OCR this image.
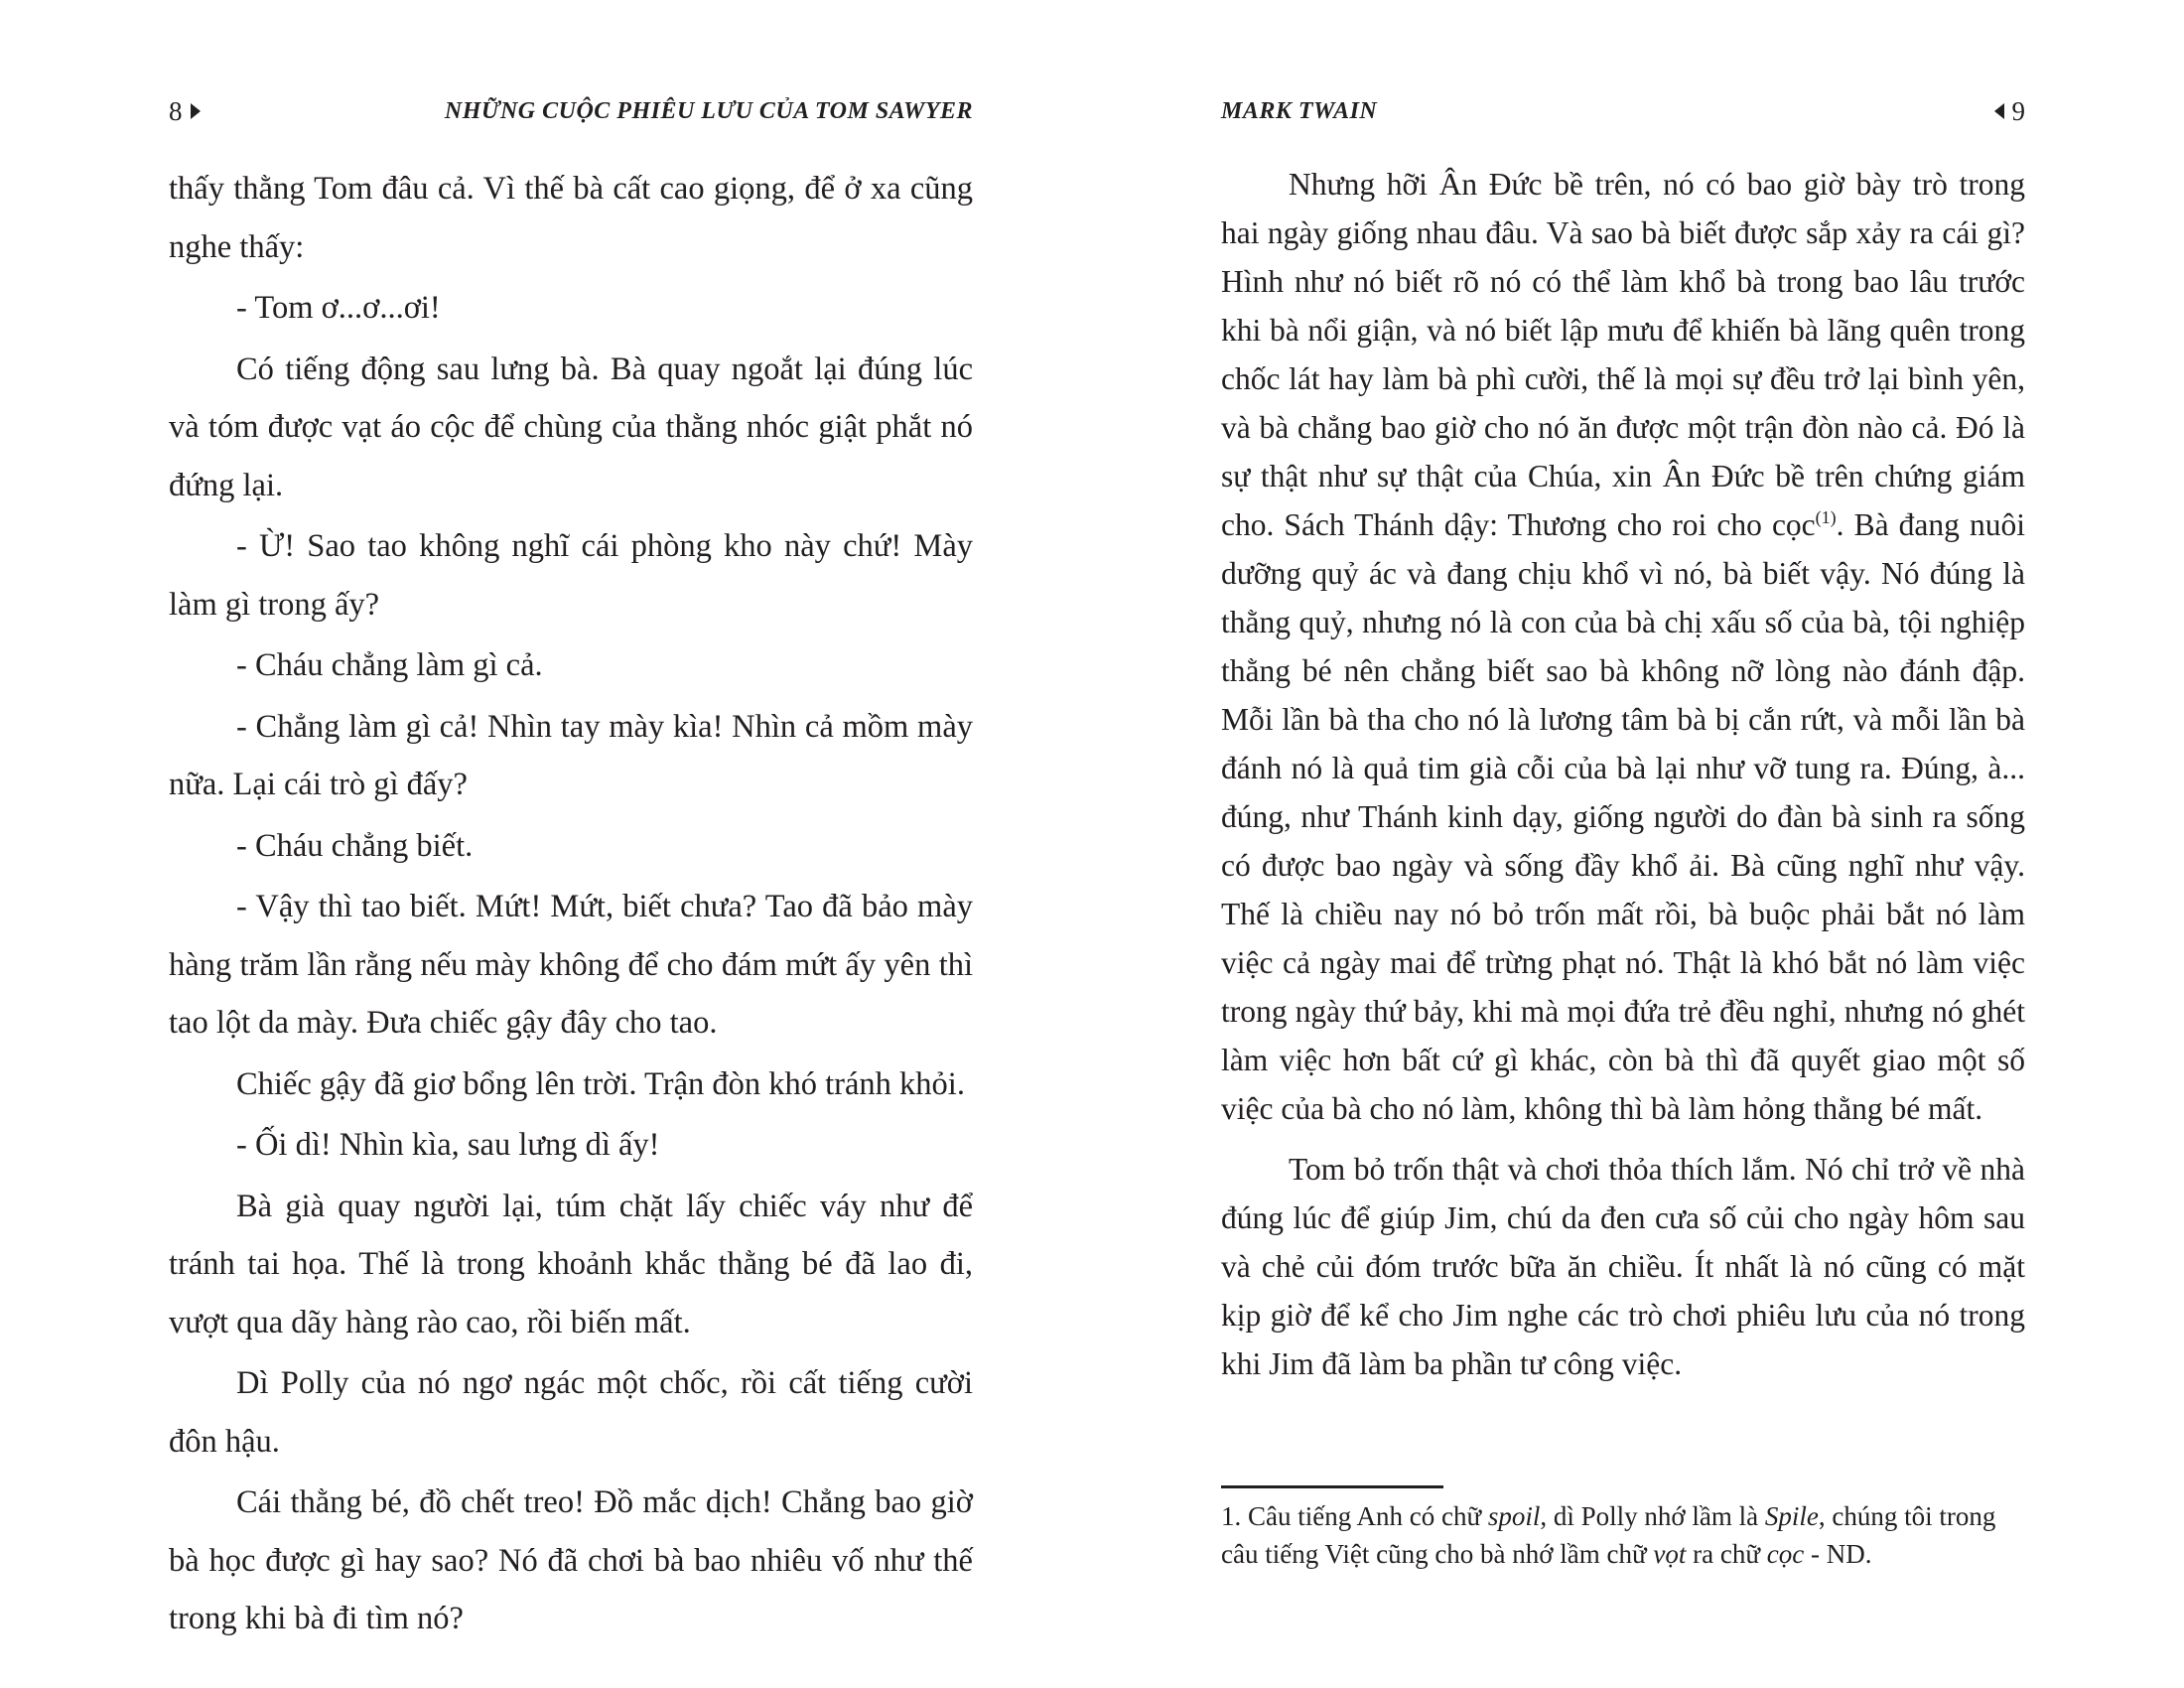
8	NHỮNG CUỘC PHIÊU LƯU CỦA TOM SAWYER

thấy thằng Tom đâu cả. Vì thế bà cất cao giọng, để ở xa cũng nghe thấy:

- Tom ơ...ơ...ơi!

Có tiếng động sau lưng bà. Bà quay ngoắt lại đúng lúc và tóm được vạt áo cộc để chùng của thằng nhóc giật phắt nó đứng lại.

- Ừ! Sao tao không nghĩ cái phòng kho này chứ! Mày làm gì trong ấy?

- Cháu chẳng làm gì cả.

- Chẳng làm gì cả! Nhìn tay mày kìa! Nhìn cả mồm mày nữa. Lại cái trò gì đấy?

- Cháu chẳng biết.

- Vậy thì tao biết. Mứt! Mứt, biết chưa? Tao đã bảo mày hàng trăm lần rằng nếu mày không để cho đám mứt ấy yên thì tao lột da mày. Đưa chiếc gậy đây cho tao.

Chiếc gậy đã giơ bổng lên trời. Trận đòn khó tránh khỏi.

- Ối dì! Nhìn kìa, sau lưng dì ấy!

Bà già quay người lại, túm chặt lấy chiếc váy như để tránh tai họa. Thế là trong khoảnh khắc thằng bé đã lao đi, vượt qua dãy hàng rào cao, rồi biến mất.

Dì Polly của nó ngơ ngác một chốc, rồi cất tiếng cười đôn hậu.

Cái thằng bé, đồ chết treo! Đồ mắc dịch! Chẳng bao giờ bà học được gì hay sao? Nó đã chơi bà bao nhiêu vố như thế trong khi bà đi tìm nó?

MARK TWAIN	9

Nhưng hỡi Ân Đức bề trên, nó có bao giờ bày trò trong hai ngày giống nhau đâu. Và sao bà biết được sắp xảy ra cái gì? Hình như nó biết rõ nó có thể làm khổ bà trong bao lâu trước khi bà nổi giận, và nó biết lập mưu để khiến bà lãng quên trong chốc lát hay làm bà phì cười, thế là mọi sự đều trở lại bình yên, và bà chẳng bao giờ cho nó ăn được một trận đòn nào cả. Đó là sự thật như sự thật của Chúa, xin Ân Đức bề trên chứng giám cho. Sách Thánh dậy: Thương cho roi cho cọc$^{(1)}$. Bà đang nuôi dưỡng quỷ ác và đang chịu khổ vì nó, bà biết vậy. Nó đúng là thằng quỷ, nhưng nó là con của bà chị xấu số của bà, tội nghiệp thằng bé nên chẳng biết sao bà không nỡ lòng nào đánh đập. Mỗi lần bà tha cho nó là lương tâm bà bị cắn rứt, và mỗi lần bà đánh nó là quả tim già cỗi của bà lại như vỡ tung ra. Đúng, à... đúng, như Thánh kinh dạy, giống người do đàn bà sinh ra sống có được bao ngày và sống đầy khổ ải. Bà cũng nghĩ như vậy. Thế là chiều nay nó bỏ trốn mất rồi, bà buộc phải bắt nó làm việc cả ngày mai để trừng phạt nó. Thật là khó bắt nó làm việc trong ngày thứ bảy, khi mà mọi đứa trẻ đều nghỉ, nhưng nó ghét làm việc hơn bất cứ gì khác, còn bà thì đã quyết giao một số việc của bà cho nó làm, không thì bà làm hỏng thằng bé mất.

Tom bỏ trốn thật và chơi thỏa thích lắm. Nó chỉ trở về nhà đúng lúc để giúp Jim, chú da đen cưa số củi cho ngày hôm sau và chẻ củi đóm trước bữa ăn chiều. Ít nhất là nó cũng có mặt kịp giờ để kể cho Jim nghe các trò chơi phiêu lưu của nó trong khi Jim đã làm ba phần tư công việc.

1. Câu tiếng Anh có chữ spoil, dì Polly nhớ lầm là Spile, chúng tôi trong câu tiếng Việt cũng cho bà nhớ lầm chữ vọt ra chữ cọc - ND.
